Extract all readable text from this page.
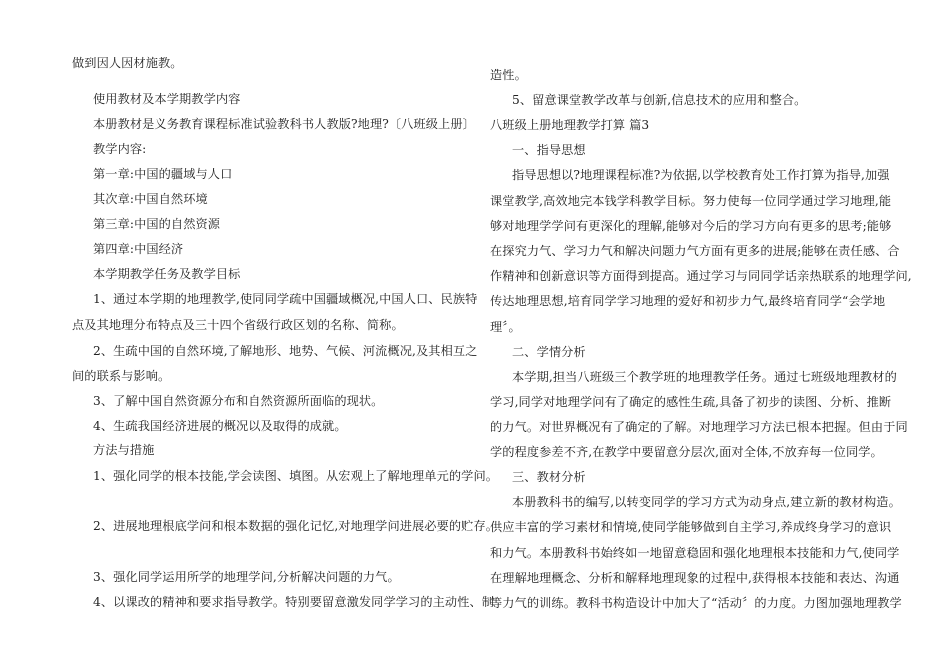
做到因人因材施教。
使用教材及本学期教学内容
本册教材是义务教育课程标准试验教科书人教版?地理?〔八班级上册〕
教学内容:
第一章:中国的疆域与人口
其次章:中国自然环境
第三章:中国的自然资源
第四章:中国经济
本学期教学任务及教学目标
1、通过本学期的地理教学,使同同学疏中国疆域概况,中国人口、民族特
点及其地理分布特点及三十四个省级行政区划的名称、简称。
2、生疏中国的自然环境,了解地形、地势、气候、河流概况,及其相互之
间的联系与影响。
3、了解中国自然资源分布和自然资源所面临的现状。
4、生疏我国经济进展的概况以及取得的成就。
方法与措施
1、强化同学的根本技能,学会读图、填图。从宏观上了解地理单元的学问。
2、进展地理根底学问和根本数据的强化记忆,对地理学问进展必要的贮存。
3、强化同学运用所学的地理学问,分析解决问题的力气。
4、以课改的精神和要求指导教学。特别要留意激发同学学习的主动性、制
造性。
5、留意课堂教学改革与创新,信息技术的应用和整合。
八班级上册地理教学打算 篇3
一、指导思想
指导思想以?地理课程标准?为依据,以学校教育处工作打算为指导,加强
课堂教学,高效地完本钱学科教学目标。努力使每一位同学通过学习地理,能
够对地理学学问有更深化的理解,能够对今后的学习方向有更多的思考;能够
在探究力气、学习力气和解决问题力气方面有更多的进展;能够在责任感、合
作精神和创新意识等方面得到提高。通过学习与同同学话亲热联系的地理学问,
传达地理思想,培育同学学习地理的爱好和初步力气,最终培育同学“会学地
理〞。
二、学情分析
本学期,担当八班级三个教学班的地理教学任务。通过七班级地理教材的
学习,同学对地理学问有了确定的感性生疏,具备了初步的读图、分析、推断
的力气。对世界概况有了确定的了解。对地理学习方法已根本把握。但由于同
学的程度参差不齐,在教学中要留意分层次,面对全体,不放弃每一位同学。
三、教材分析
本册教科书的编写,以转变同学的学习方式为动身点,建立新的教材构造。
供应丰富的学习素材和情境,使同学能够做到自主学习,养成终身学习的意识
和力气。本册教科书始终如一地留意稳固和强化地理根本技能和力气,使同学
在理解地理概念、分析和解释地理现象的过程中,获得根本技能和表达、沟通
等力气的训练。教科书构造设计中加大了“活动〞的力度。力图加强地理教学
